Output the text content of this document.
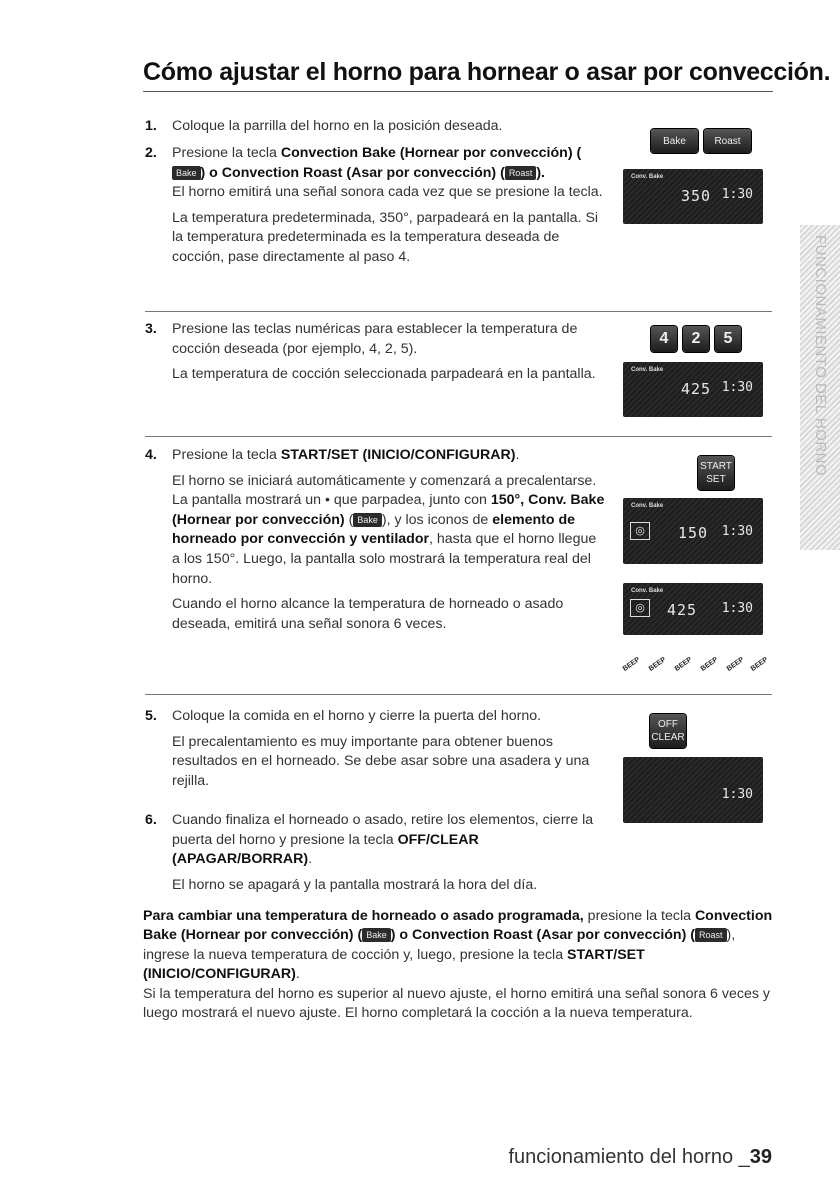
Cómo ajustar el horno para hornear o asar por convección.
1. Coloque la parrilla del horno en la posición deseada.

2. Presione la tecla Convection Bake (Hornear por convección) (Bake ) o Convection Roast (Asar por convección) ( Roast ).
El horno emitirá una señal sonora cada vez que se presione la tecla.

La temperatura predeterminada, 350°, parpadeará en la pantalla. Si la temperatura predeterminada es la temperatura deseada de cocción, pase directamente al paso 4.

3. Presione las teclas numéricas para establecer la temperatura de cocción deseada (por ejemplo, 4, 2, 5).

La temperatura de cocción seleccionada parpadeará en la pantalla.

4. Presione la tecla START/SET (INICIO/CONFIGURAR).

El horno se iniciará automáticamente y comenzará a precalentarse. La pantalla mostrará un • que parpadea, junto con 150°, Conv. Bake (Hornear por convección) ( Bake ), y los iconos de elemento de horneado por convección y ventilador, hasta que el horno llegue a los 150°. Luego, la pantalla solo mostrará la temperatura real del horno.

Cuando el horno alcance la temperatura de horneado o asado deseada, emitirá una señal sonora 6 veces.

5. Coloque la comida en el horno y cierre la puerta del horno.

El precalentamiento es muy importante para obtener buenos resultados en el horneado. Se debe asar sobre una asadera y una rejilla.

6. Cuando finaliza el horneado o asado, retire los elementos, cierre la puerta del horno y presione la tecla OFF/CLEAR (APAGAR/BORRAR).

El horno se apagará y la pantalla mostrará la hora del día.

Para cambiar una temperatura de horneado o asado programada, presione la tecla Convection Bake (Hornear por convección) ( Bake ) o Convection Roast (Asar por convección) ( Roast ), ingrese la nueva temperatura de cocción y, luego, presione la tecla START/SET (INICIO/CONFIGURAR).

Si la temperatura del horno es superior al nuevo ajuste, el horno emitirá una señal sonora 6 veces y luego mostrará el nuevo ajuste. El horno completará la cocción a la nueva temperatura.

Bake	Roast
Conv. Bake
350 1:30
4	2	5
Conv. Bake
425 1:30
START
SET
Conv. Bake
◎	150 1:30
Conv. Bake
◎	425 1:30
BEEP BEEP BEEP BEEP BEEP BEEP
OFF
CLEAR
1:30
FUNCIONAMIENTO DEL HORNO
funcionamiento del horno _39
